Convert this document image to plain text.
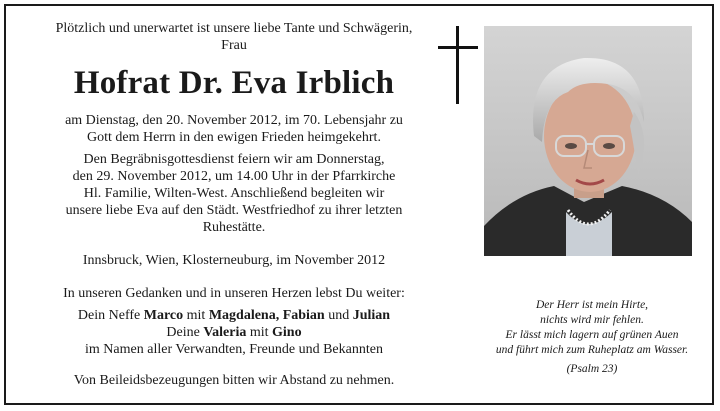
Plötzlich und unerwartet ist unsere liebe Tante und Schwägerin,

Frau

Hofrat Dr. Eva Irblich

am Dienstag, den 20. November 2012, im 70. Lebensjahr zu

Gott dem Herrn in den ewigen Frieden heimgekehrt.

Den Begräbnisgottesdienst feiern wir am Donnerstag,

den 29. November 2012, um 14.00 Uhr in der Pfarrkirche

Hl. Familie, Wilten-West. Anschließend begleiten wir

unsere liebe Eva auf den Städt. Westfriedhof zu ihrer letzten

Ruhestätte.

Innsbruck, Wien, Klosterneuburg, im November 2012

In unseren Gedanken und in unseren Herzen lebst Du weiter:

Dein Neffe Marco mit Magdalena, Fabian und Julian

Deine Valeria mit Gino

im Namen aller Verwandten, Freunde und Bekannten

Von Beileidsbezeugungen bitten wir Abstand zu nehmen.

Der Herr ist mein Hirte,
nichts wird mir fehlen.
Er lässt mich lagern auf grünen Auen
und führt mich zum Ruheplatz am Wasser.
(Psalm 23)
